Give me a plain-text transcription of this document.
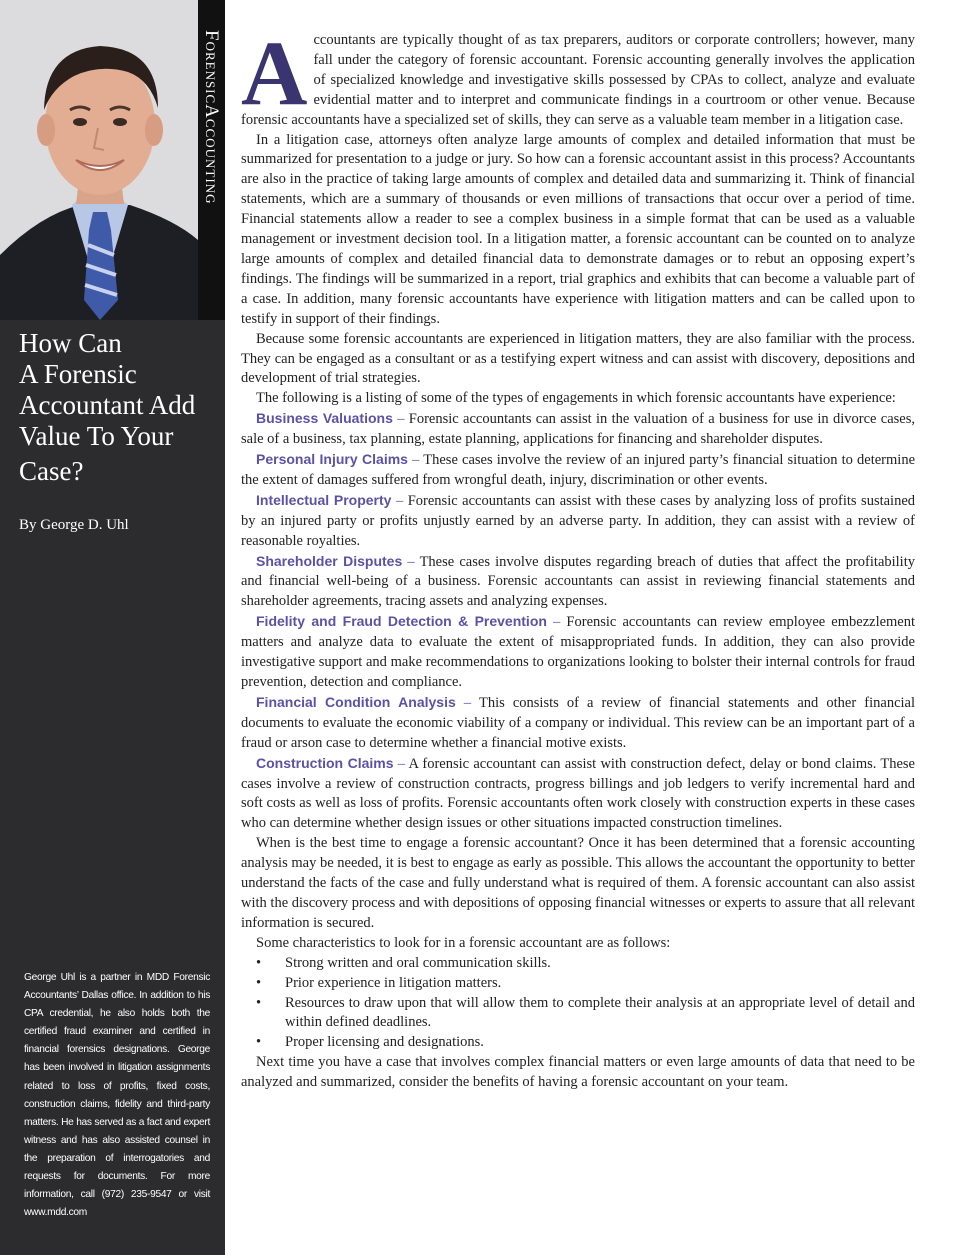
ForensicAccounting
How Can
A Forensic
Accountant Add
Value To Your
Case?
By George D. Uhl
George Uhl is a partner in MDD Forensic Accountants’ Dallas office. In addition to his CPA credential, he also holds both the certified fraud examiner and certified in financial forensics designations. George has been involved in litigation assignments related to loss of profits, fixed costs, construction claims, fidelity and third-party matters. He has served as a fact and expert witness and has also assisted counsel in the preparation of interrogatories and requests for documents. For more information, call (972) 235-9547 or visit www.mdd.com

Accountants are typically thought of as tax preparers, auditors or corporate controllers; however, many fall under the category of forensic accountant. Forensic accounting generally involves the application of specialized knowledge and investigative skills possessed by CPAs to collect, analyze and evaluate evidential matter and to interpret and communicate findings in a courtroom or other venue. Because forensic accountants have a specialized set of skills, they can serve as a valuable team member in a litigation case.

In a litigation case, attorneys often analyze large amounts of complex and detailed information that must be summarized for presentation to a judge or jury. So how can a forensic accountant assist in this process? Accountants are also in the practice of taking large amounts of complex and detailed data and summarizing it. Think of financial statements, which are a summary of thousands or even millions of transactions that occur over a period of time. Financial statements allow a reader to see a complex business in a simple format that can be used as a valuable management or investment decision tool. In a litigation matter, a forensic accountant can be counted on to analyze large amounts of complex and detailed financial data to demonstrate damages or to rebut an opposing expert’s findings. The findings will be summarized in a report, trial graphics and exhibits that can become a valuable part of a case. In addition, many forensic accountants have experience with litigation matters and can be called upon to testify in support of their findings.

Because some forensic accountants are experienced in litigation matters, they are also familiar with the process. They can be engaged as a consultant or as a testifying expert witness and can assist with discovery, depositions and development of trial strategies.

The following is a listing of some of the types of engagements in which forensic accountants have experience:

Business Valuations – Forensic accountants can assist in the valuation of a business for use in divorce cases, sale of a business, tax planning, estate planning, applications for financing and shareholder disputes.

Personal Injury Claims – These cases involve the review of an injured party’s financial situation to determine the extent of damages suffered from wrongful death, injury, discrimination or other events.

Intellectual Property – Forensic accountants can assist with these cases by analyzing loss of profits sustained by an injured party or profits unjustly earned by an adverse party. In addition, they can assist with a review of reasonable royalties.

Shareholder Disputes – These cases involve disputes regarding breach of duties that affect the profitability and financial well-being of a business. Forensic accountants can assist in reviewing financial statements and shareholder agreements, tracing assets and analyzing expenses.

Fidelity and Fraud Detection & Prevention – Forensic accountants can review employee embezzlement matters and analyze data to evaluate the extent of misappropriated funds. In addition, they can also provide investigative support and make recommendations to organizations looking to bolster their internal controls for fraud prevention, detection and compliance.

Financial Condition Analysis – This consists of a review of financial statements and other financial documents to evaluate the economic viability of a company or individual. This review can be an important part of a fraud or arson case to determine whether a financial motive exists.

Construction Claims – A forensic accountant can assist with construction defect, delay or bond claims. These cases involve a review of construction contracts, progress billings and job ledgers to verify incremental hard and soft costs as well as loss of profits. Forensic accountants often work closely with construction experts in these cases who can determine whether design issues or other situations impacted construction timelines.

When is the best time to engage a forensic accountant? Once it has been determined that a forensic accounting analysis may be needed, it is best to engage as early as possible. This allows the accountant the opportunity to better understand the facts of the case and fully understand what is required of them. A forensic accountant can also assist with the discovery process and with depositions of opposing financial witnesses or experts to assure that all relevant information is secured.

Some characteristics to look for in a forensic accountant are as follows:

• Strong written and oral communication skills.
• Prior experience in litigation matters.
• Resources to draw upon that will allow them to complete their analysis at an appropriate level of detail and within defined deadlines.
• Proper licensing and designations.

Next time you have a case that involves complex financial matters or even large amounts of data that need to be analyzed and summarized, consider the benefits of having a forensic accountant on your team.
